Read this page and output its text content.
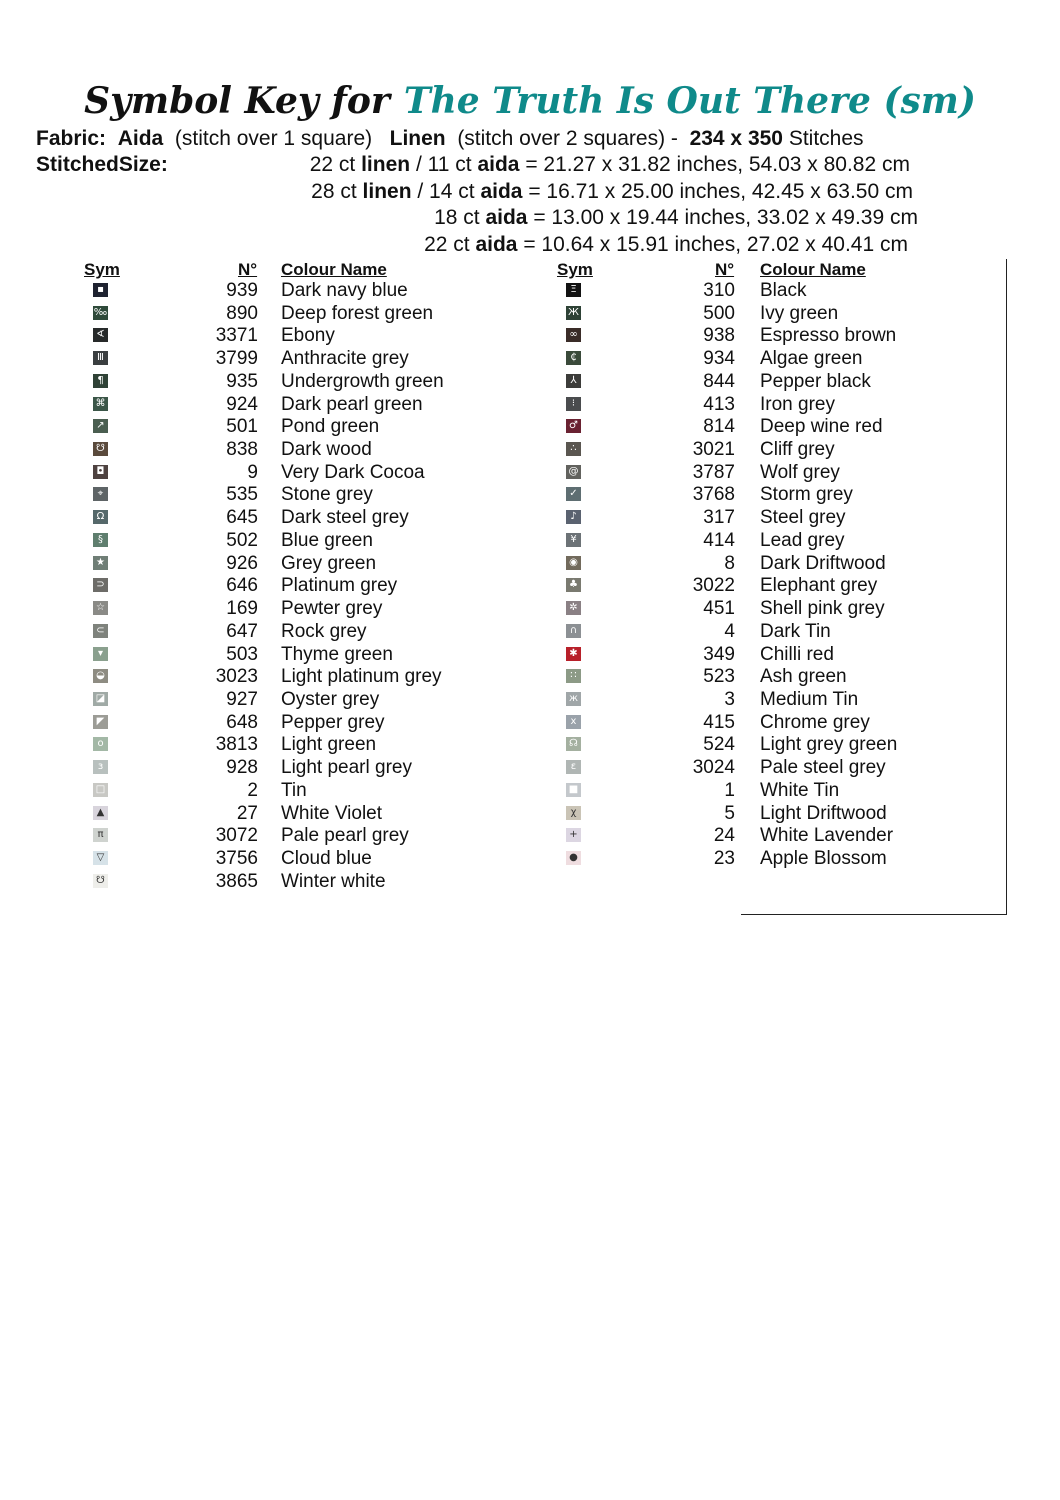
Symbol Key for The Truth Is Out There (sm)
Fabric: Aida (stitch over 1 square) Linen (stitch over 2 squares) - 234 x 350 Stitches
StitchedSize:	22 ct linen / 11 ct aida = 21.27 x 31.82 inches, 54.03 x 80.82 cm
28 ct linen / 14 ct aida = 16.71 x 25.00 inches, 42.45 x 63.50 cm
18 ct aida = 13.00 x 19.44 inches, 33.02 x 49.39 cm
22 ct aida = 10.64 x 15.91 inches, 27.02 x 40.41 cm
Sym	N° Colour Name	Sym	N° Colour Name
▪	939 Dark navy blue
‰	890 Deep forest green
∢	3371 Ebony
Ⅲ	3799 Anthracite grey
¶	935 Undergrowth green
⌘	924 Dark pearl green
↗	501 Pond green
☋	838 Dark wood
◘	9 Very Dark Cocoa
⌖	535 Stone grey
Ω	645 Dark steel grey
§	502 Blue green
★	926 Grey green
⊃	646 Platinum grey
☆	169 Pewter grey
⊂	647 Rock grey
▾	503 Thyme green
◒	3023 Light platinum grey
◪	927 Oyster grey
◤	648 Pepper grey
o	3813 Light green
ɜ	928 Light pearl grey
□	2 Tin
▲	27 White Violet
π	3072 Pale pearl grey
▽	3756 Cloud blue
☋	3865 Winter white
Ξ	310 Black
Ж	500 Ivy green
∞	938 Espresso brown
₵	934 Algae green
⅄	844 Pepper black
⁝	413 Iron grey
♂	814 Deep wine red
∴	3021 Cliff grey
@	3787 Wolf grey
✓	3768 Storm grey
♪	317 Steel grey
¥	414 Lead grey
◉	8 Dark Driftwood
♣	3022 Elephant grey
✲	451 Shell pink grey
∩	4 Dark Tin
✱	349 Chilli red
∷	523 Ash green
ж	3 Medium Tin
x	415 Chrome grey
☊	524 Light grey green
ε	3024 Pale steel grey
■	1 White Tin
χ	5 Light Driftwood
+	24 White Lavender
●	23 Apple Blossom
